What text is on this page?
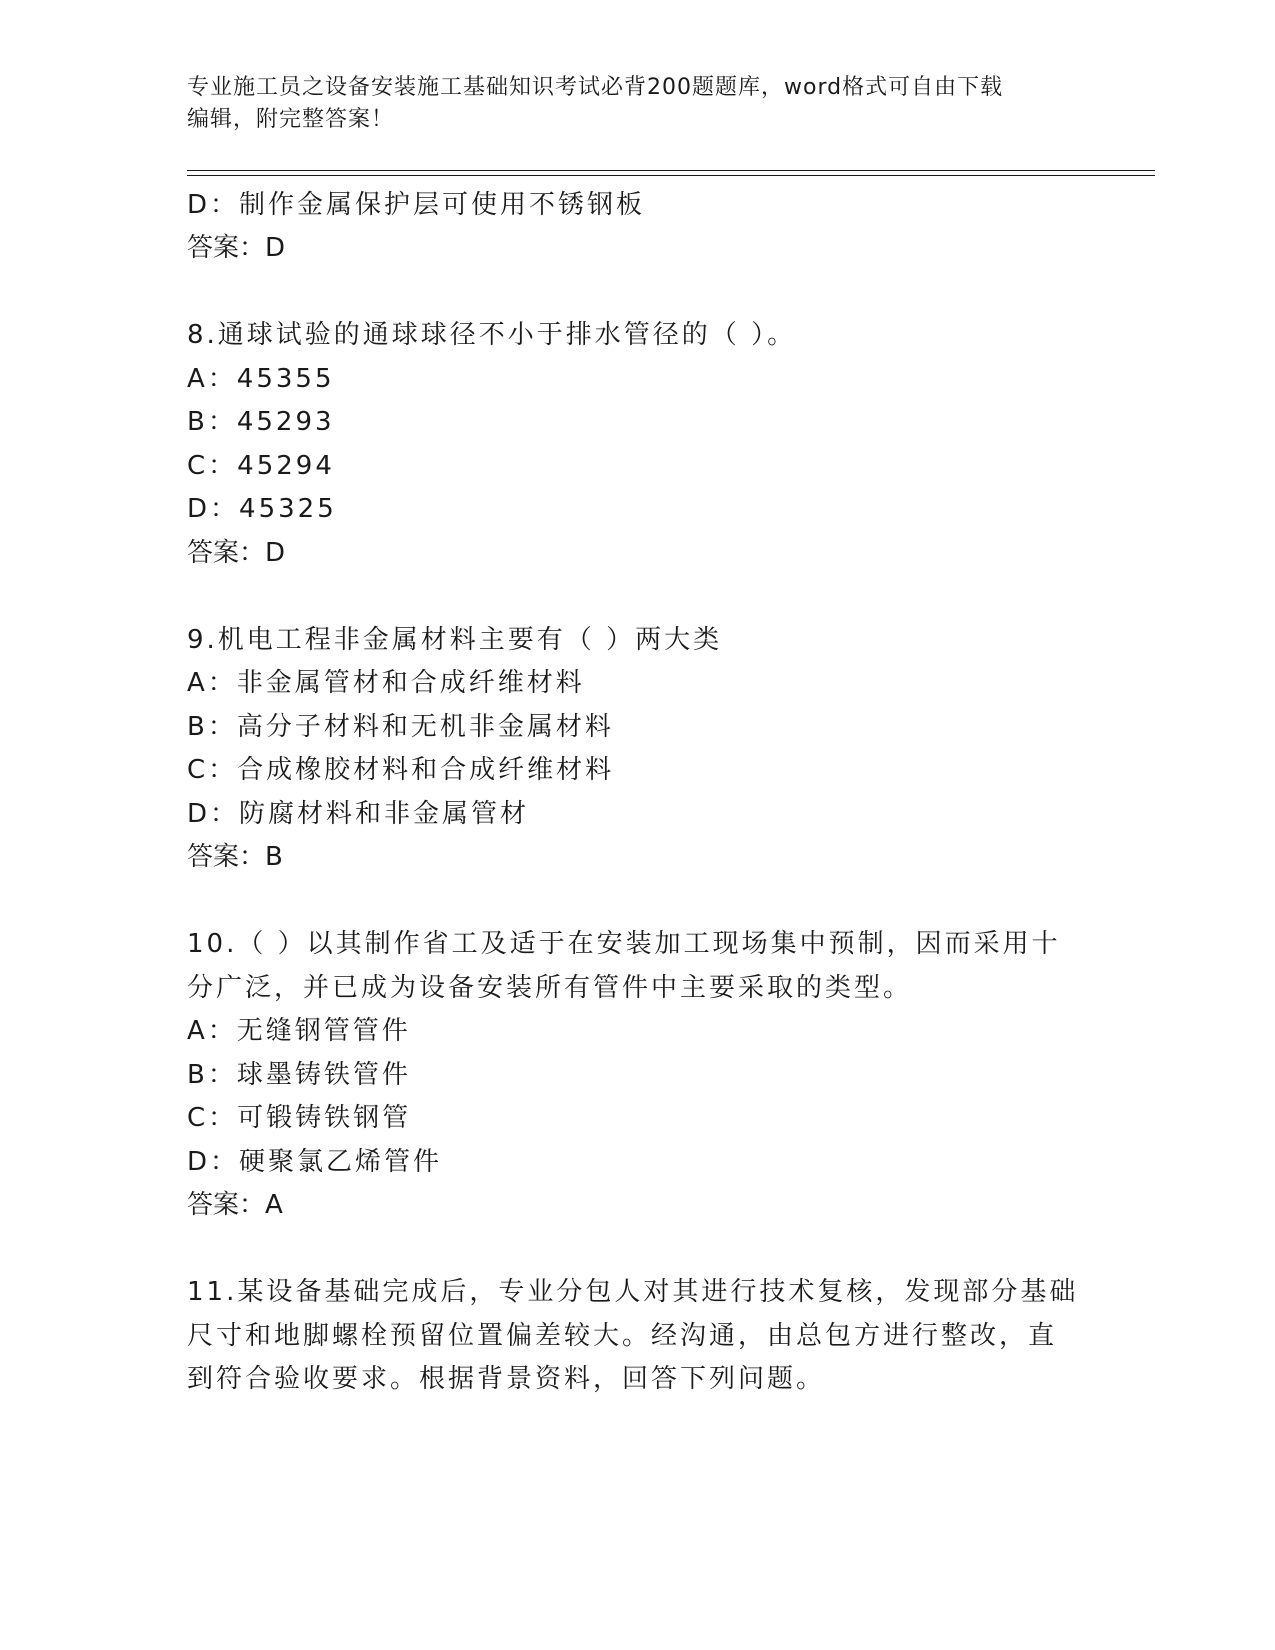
专业施工员之设备安装施工基础知识考试必背200题题库，word格式可自由下载
编辑，附完整答案！
D：制作金属保护层可使用不锈钢板
答案：D
8.通球试验的通球球径不小于排水管径的（ ）。
A：45355
B：45293
C：45294
D：45325
答案：D
9.机电工程非金属材料主要有（ ）两大类
A：非金属管材和合成纤维材料
B：高分子材料和无机非金属材料
C：合成橡胶材料和合成纤维材料
D：防腐材料和非金属管材
答案：B
10.（ ）以其制作省工及适于在安装加工现场集中预制，因而采用十
分广泛，并已成为设备安装所有管件中主要采取的类型。
A：无缝钢管管件
B：球墨铸铁管件
C：可锻铸铁钢管
D：硬聚氯乙烯管件
答案：A
11.某设备基础完成后，专业分包人对其进行技术复核，发现部分基础
尺寸和地脚螺栓预留位置偏差较大。经沟通，由总包方进行整改，直
到符合验收要求。根据背景资料，回答下列问题。
